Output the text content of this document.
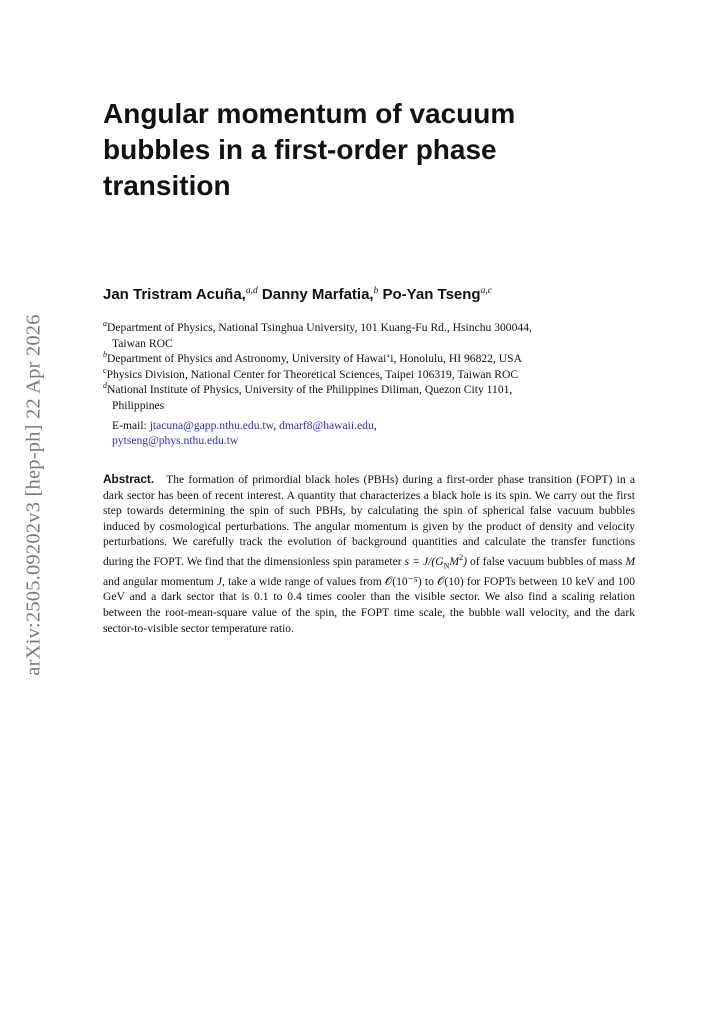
arXiv:2505.09202v3 [hep-ph] 22 Apr 2026
Angular momentum of vacuum
bubbles in a first-order phase
transition
Jan Tristram Acuña,$^{a,d}$ Danny Marfatia,$^b$ Po-Yan Tseng$^{a,c}$
$^a$Department of Physics, National Tsinghua University, 101 Kuang-Fu Rd., Hsinchu 300044,
Taiwan ROC
$^b$Department of Physics and Astronomy, University of Hawai‘i, Honolulu, HI 96822, USA
$^c$Physics Division, National Center for Theoretical Sciences, Taipei 106319, Taiwan ROC
$^d$National Institute of Physics, University of the Philippines Diliman, Quezon City 1101,
Philippines
E-mail: jtacuna@gapp.nthu.edu.tw, dmarf8@hawaii.edu,
pytseng@phys.nthu.edu.tw
Abstract. The formation of primordial black holes (PBHs) during a first-order phase transition (FOPT) in a dark sector has been of recent interest. A quantity that characterizes a black hole is its spin. We carry out the first step towards determining the spin of such PBHs, by calculating the spin of spherical false vacuum bubbles induced by cosmological perturbations. The angular momentum is given by the product of density and velocity perturbations. We carefully track the evolution of background quantities and calculate the transfer functions during the FOPT. We find that the dimensionless spin parameter $s = J/(G_NM^2)$ of false vacuum bubbles of mass M and angular momentum J, take a wide range of values from 𝒪(10⁻⁵) to 𝒪(10) for FOPTs between 10 keV and 100 GeV and a dark sector that is 0.1 to 0.4 times cooler than the visible sector. We also find a scaling relation between the root-mean-square value of the spin, the FOPT time scale, the bubble wall velocity, and the dark sector-to-visible sector temperature ratio.
